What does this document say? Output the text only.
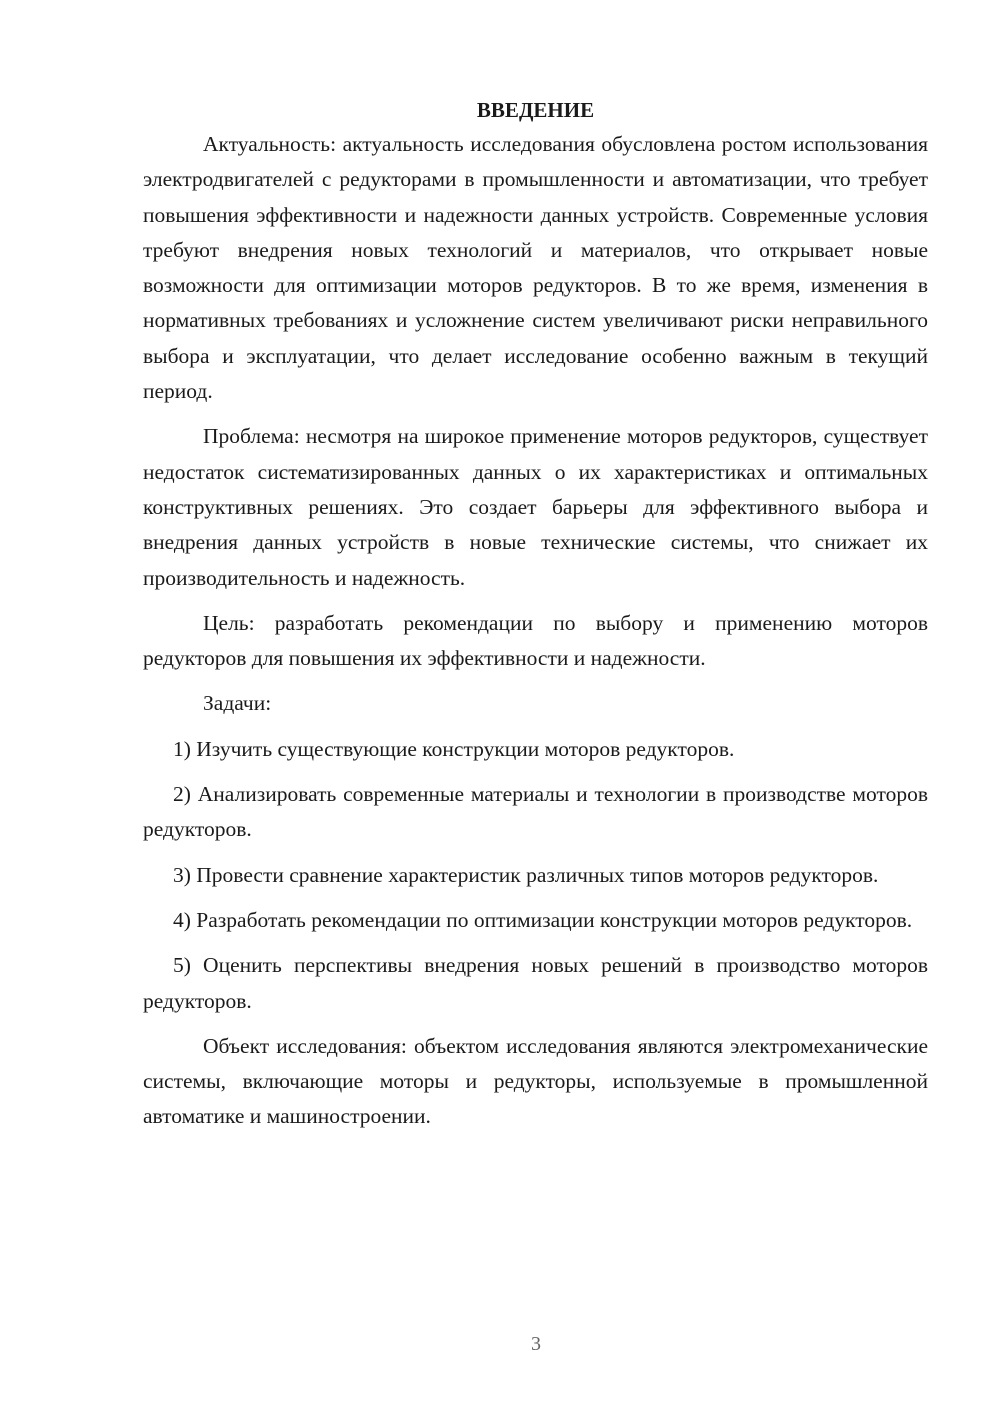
ВВЕДЕНИЕ

Актуальность: актуальность исследования обусловлена ростом использования электродвигателей с редукторами в промышленности и автоматизации, что требует повышения эффективности и надежности данных устройств. Современные условия требуют внедрения новых технологий и материалов, что открывает новые возможности для оптимизации моторов редукторов. В то же время, изменения в нормативных требованиях и усложнение систем увеличивают риски неправильного выбора и эксплуатации, что делает исследование особенно важным в текущий период.

Проблема: несмотря на широкое применение моторов редукторов, существует недостаток систематизированных данных о их характеристиках и оптимальных конструктивных решениях. Это создает барьеры для эффективного выбора и внедрения данных устройств в новые технические системы, что снижает их производительность и надежность.

Цель: разработать рекомендации по выбору и применению моторов редукторов для повышения их эффективности и надежности.

Задачи:

1) Изучить существующие конструкции моторов редукторов.

2) Анализировать современные материалы и технологии в производстве моторов редукторов.

3) Провести сравнение характеристик различных типов моторов редукторов.

4) Разработать рекомендации по оптимизации конструкции моторов редукторов.

5) Оценить перспективы внедрения новых решений в производство моторов редукторов.

Объект исследования: объектом исследования являются электромеханические системы, включающие моторы и редукторы, используемые в промышленной автоматике и машиностроении.

3
